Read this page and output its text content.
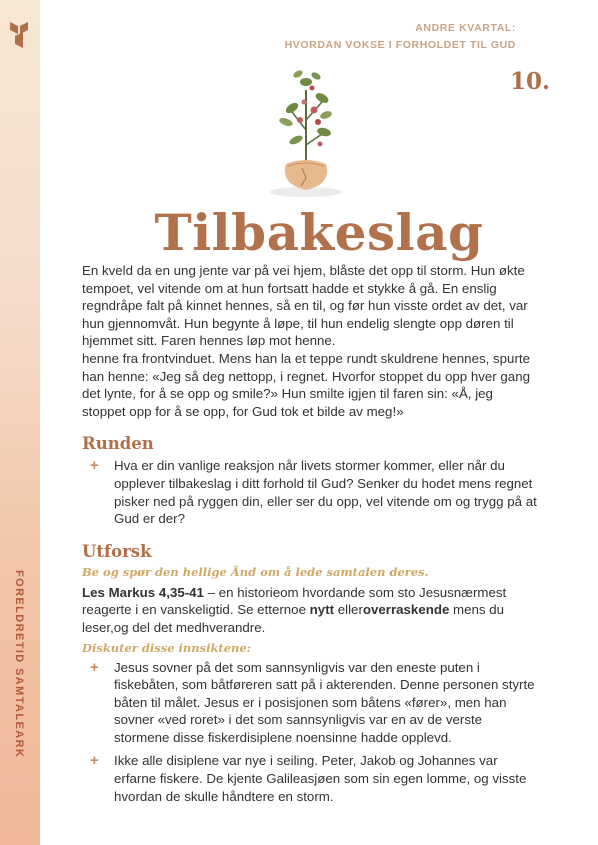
FORELDRETID SAMTALEARK
ANDRE KVARTAL:
HVORDAN VOKSE I FORHOLDET TIL GUD
10.
Tilbakeslag

En kveld da en ung jente var på vei hjem, blåste det opp til storm. Hun økte tempoet, vel vitende om at hun fortsatt hadde et stykke å gå. En enslig regndråpe falt på kinnet hennes, så en til, og før hun visste ordet av det, var hun gjennomvåt. Hun begynte å løpe, til hun endelig slengte opp døren til hjemmet sitt. Faren hennes løp mot henne.

henne fra frontvinduet. Mens han la et teppe rundt skuldrene hennes, spurte han henne: «Jeg så deg nettopp, i regnet. Hvorfor stoppet du opp hver gang det lynte, for å se opp og smile?» Hun smilte igjen til faren sin: «Å, jeg stoppet opp for å se opp, for Gud tok et bilde av meg!»

Runden
+ Hva er din vanlige reaksjon når livets stormer kommer, eller når du opplever tilbakeslag i ditt forhold til Gud? Senker du hodet mens regnet pisker ned på ryggen din, eller ser du opp, vel vitende om og trygg på at Gud er der?
Utforsk
Be og spør den hellige Ånd om å lede samtalen deres.

Les Markus 4,35-41 – en historieom hvordande som sto Jesusnærmest reagerte i en vanskeligtid. Se etternoe nytt elleroverraskende mens du leser,og del det medhverandre.

Diskuter disse innsiktene:
+ Jesus sovner på det som sannsynligvis var den eneste puten i fiskebåten, som båtføreren satt på i akterenden. Denne personen styrte båten til målet. Jesus er i posisjonen som båtens «fører», men han sovner «ved roret» i det som sannsynligvis var en av de verste stormene disse fiskerdisiplene noensinne hadde opplevd.
+ Ikke alle disiplene var nye i seiling. Peter, Jakob og Johannes var erfarne fiskere. De kjente Galileasjøen som sin egen lomme, og visste hvordan de skulle håndtere en storm.
